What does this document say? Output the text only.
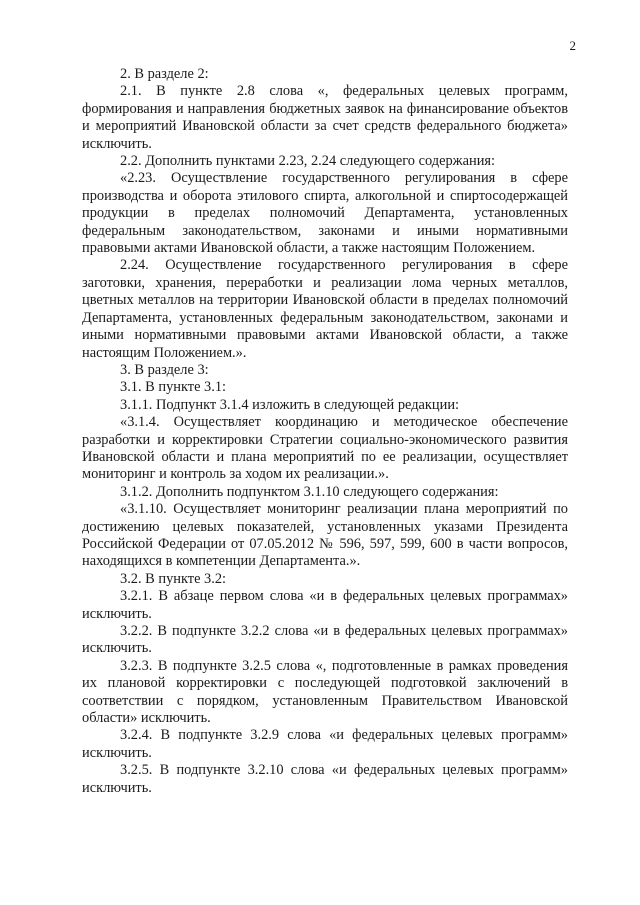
2

2. В разделе 2:

2.1. В пункте 2.8 слова «, федеральных целевых программ, формирования и направления бюджетных заявок на финансирование объектов и мероприятий Ивановской области за счет средств федерального бюджета» исключить.

2.2. Дополнить пунктами 2.23, 2.24 следующего содержания:

«2.23. Осуществление государственного регулирования в сфере производства и оборота этилового спирта, алкогольной и спиртосодержащей продукции в пределах полномочий Департамента, установленных федеральным законодательством, законами и иными нормативными правовыми актами Ивановской области, а также настоящим Положением.

2.24. Осуществление государственного регулирования в сфере заготовки, хранения, переработки и реализации лома черных металлов, цветных металлов на территории Ивановской области в пределах полномочий Департамента, установленных федеральным законодательством, законами и иными нормативными правовыми актами Ивановской области, а также настоящим Положением.».

3. В разделе 3:

3.1. В пункте 3.1:

3.1.1. Подпункт 3.1.4 изложить в следующей редакции:

«3.1.4. Осуществляет координацию и методическое обеспечение разработки и корректировки Стратегии социально-экономического развития Ивановской области и плана мероприятий по ее реализации, осуществляет мониторинг и контроль за ходом их реализации.».

3.1.2. Дополнить подпунктом 3.1.10 следующего содержания:

«3.1.10. Осуществляет мониторинг реализации плана мероприятий по достижению целевых показателей, установленных указами Президента Российской Федерации от 07.05.2012 № 596, 597, 599, 600 в части вопросов, находящихся в компетенции Департамента.».

3.2. В пункте 3.2:

3.2.1. В абзаце первом слова «и в федеральных целевых программах» исключить.

3.2.2. В подпункте 3.2.2 слова «и в федеральных целевых программах» исключить.

3.2.3. В подпункте 3.2.5 слова «, подготовленные в рамках проведения их плановой корректировки с последующей подготовкой заключений в соответствии с порядком, установленным Правительством Ивановской области» исключить.

3.2.4. В подпункте 3.2.9 слова «и федеральных целевых программ» исключить.

3.2.5. В подпункте 3.2.10 слова «и федеральных целевых программ» исключить.
